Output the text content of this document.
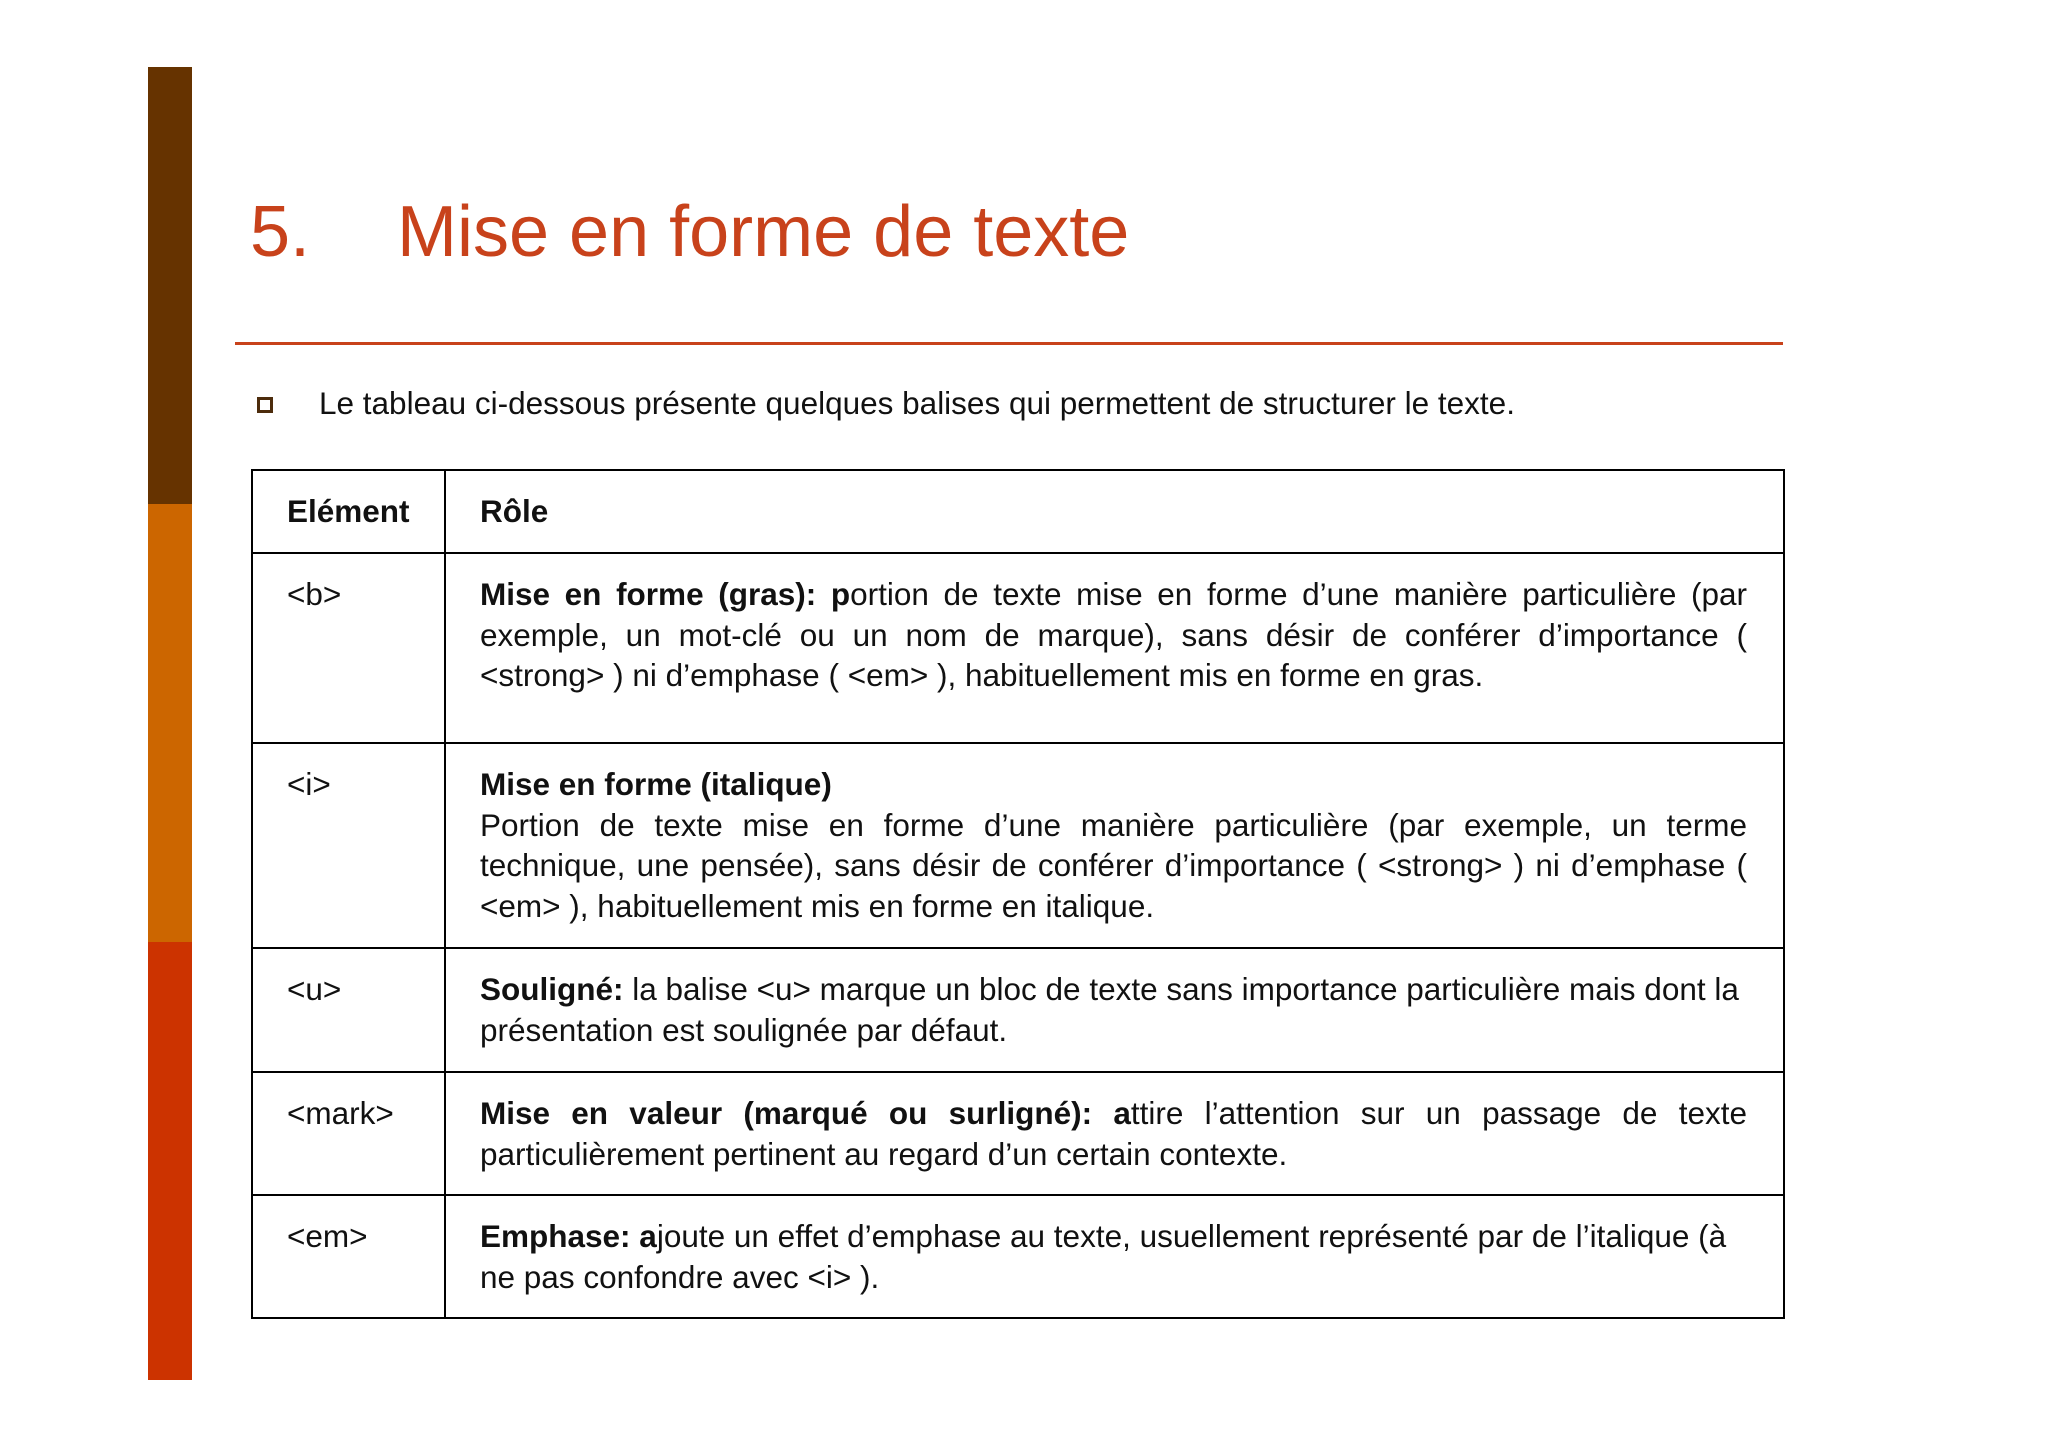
5. Mise en forme de texte
Le tableau ci-dessous présente quelques balises qui permettent de structurer le texte.
Elément	Rôle
<b>	Mise en forme (gras): portion de texte mise en forme d’une manière particulière (par exemple, un mot-clé ou un nom de marque), sans désir de conférer d’importance ( <strong> ) ni d’emphase ( <em> ), habituellement mis en forme en gras.
<i>	Mise en forme (italique)
Portion de texte mise en forme d’une manière particulière (par exemple, un terme technique, une pensée), sans désir de conférer d’importance ( <strong> ) ni d’emphase ( <em> ), habituellement mis en forme en italique.
<u>	Souligné: la balise <u> marque un bloc de texte sans importance particulière mais dont la présentation est soulignée par défaut.
<mark>	Mise en valeur (marqué ou surligné): attire l’attention sur un passage de texte particulièrement pertinent au regard d’un certain contexte.
<em>	Emphase: ajoute un effet d’emphase au texte, usuellement représenté par de l’italique (à ne pas confondre avec <i> ).
